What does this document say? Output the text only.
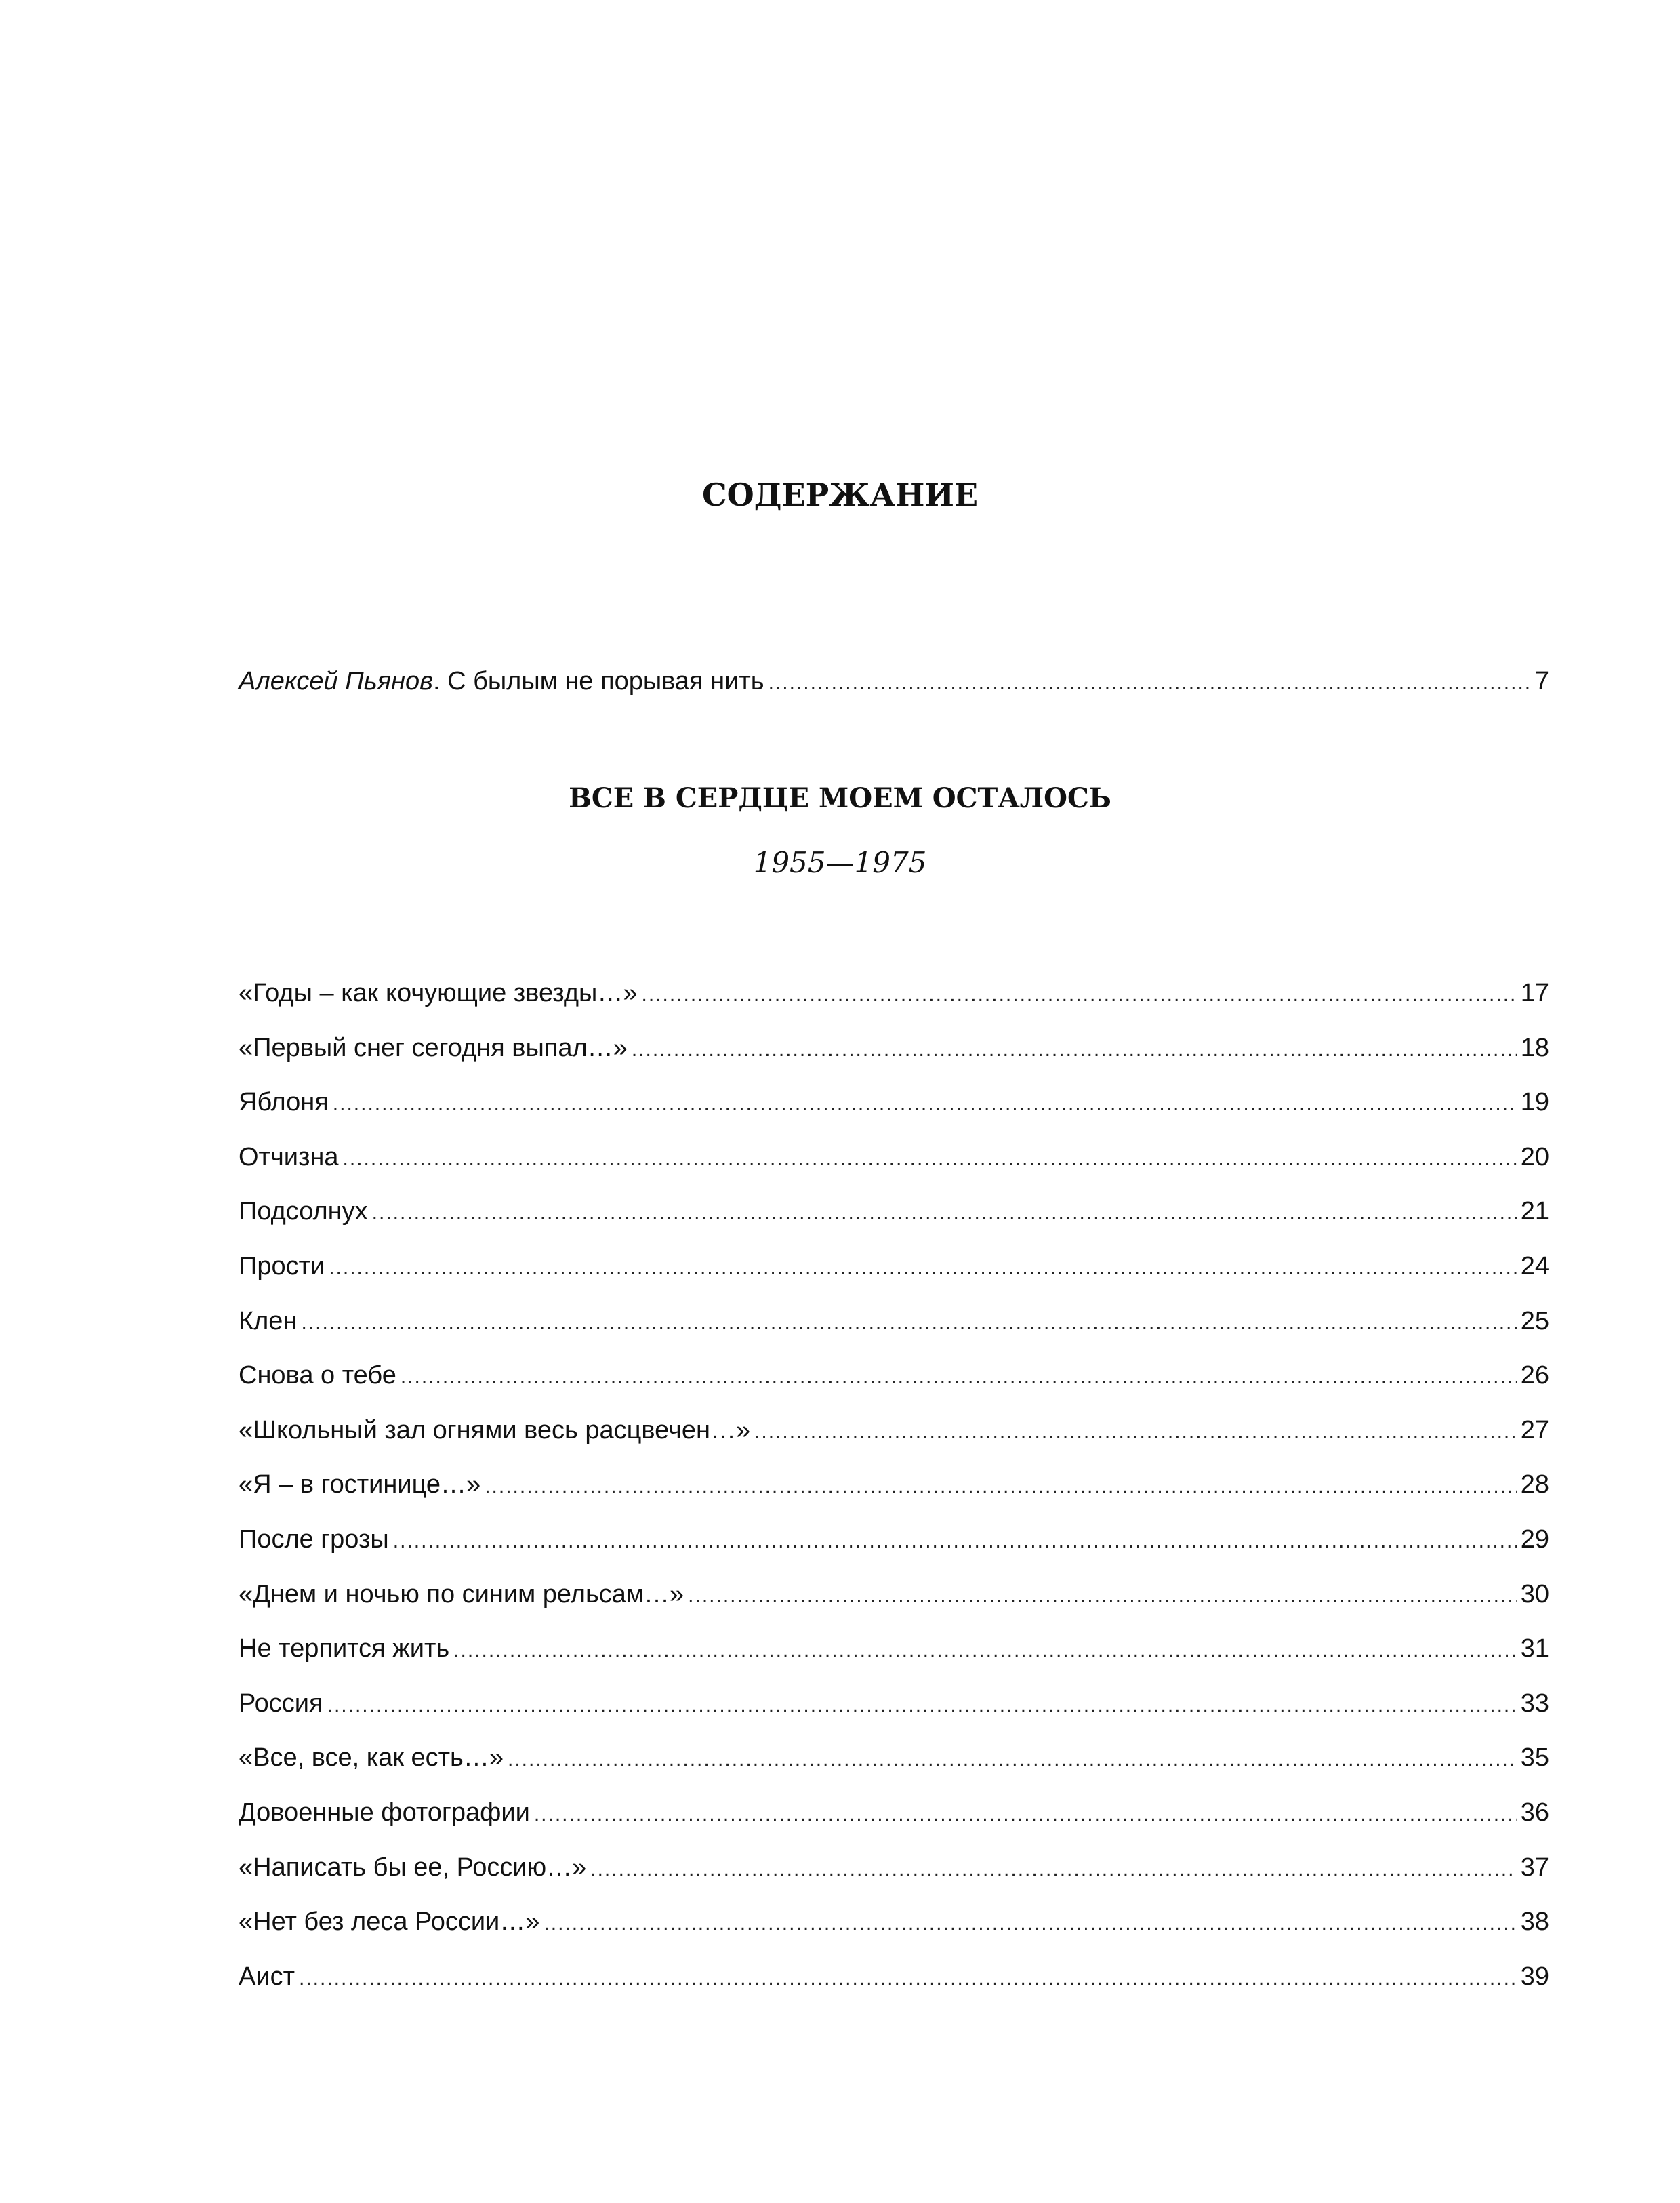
СОДЕРЖАНИЕ
Алексей Пьянов. С былым не порывая нить .....	7
ВСЕ В СЕРДЦЕ МОЕМ ОСТАЛОСЬ
1955—1975
«Годы – как кочующие звезды…» .....	17
«Первый снег сегодня выпал…» .....	18
Яблоня .....	19
Отчизна .....	20
Подсолнух .....	21
Прости .....	24
Клен .....	25
Снова о тебе .....	26
«Школьный зал огнями весь расцвечен…» .....	27
«Я – в гостинице…» .....	28
После грозы .....	29
«Днем и ночью по синим рельсам…» .....	30
Не терпится жить .....	31
Россия .....	33
«Все, все, как есть…» .....	35
Довоенные фотографии .....	36
«Написать бы ее, Россию…» .....	37
«Нет без леса России…» .....	38
Аист .....	39
